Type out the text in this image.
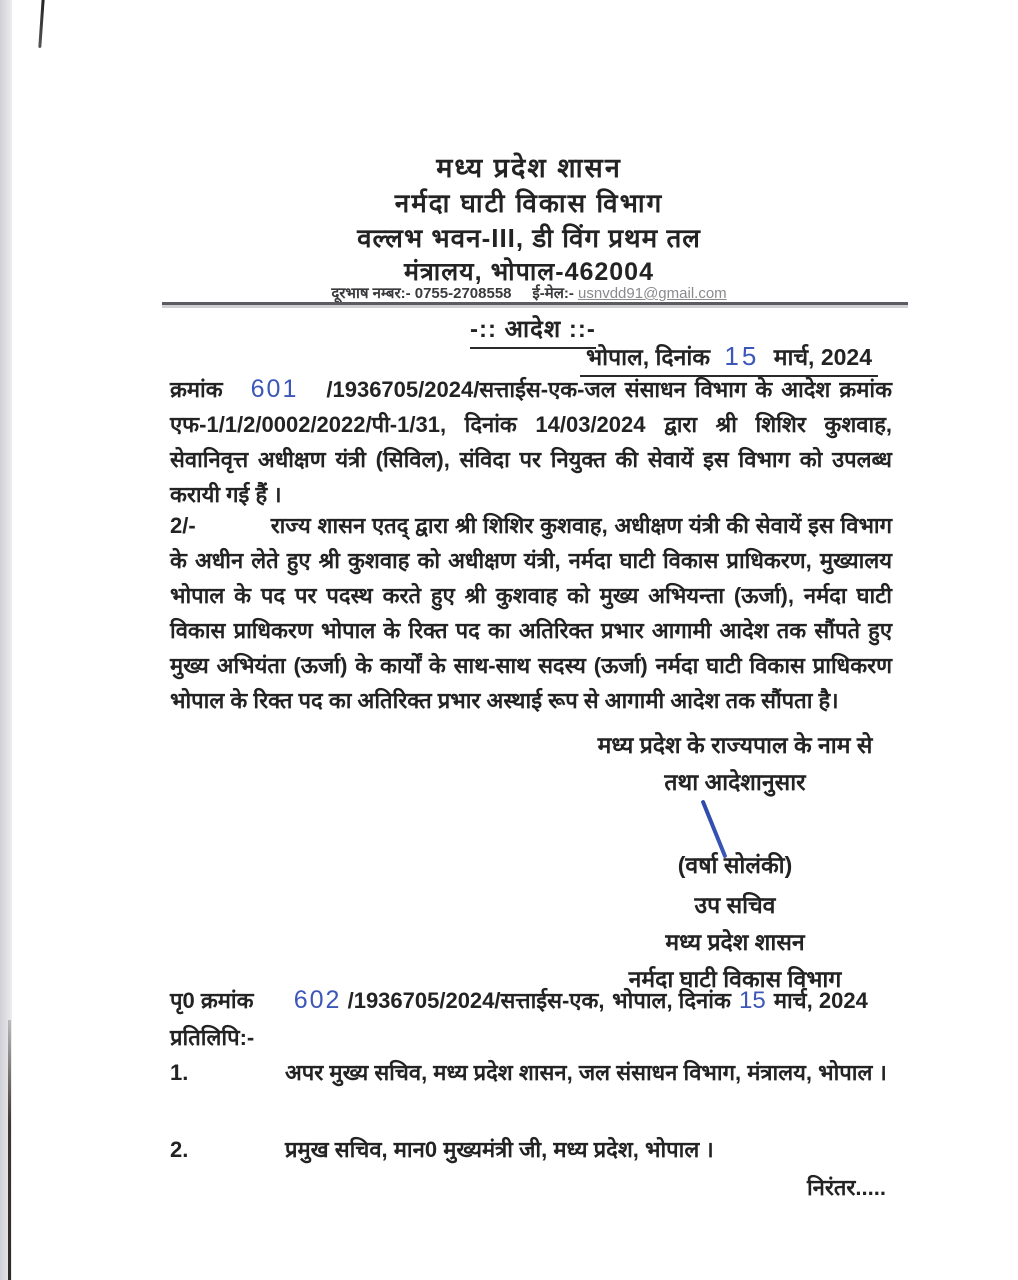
मध्य प्रदेश शासन
नर्मदा घाटी विकास विभाग
वल्लभ भवन-III, डी विंग प्रथम तल
मंत्रालय, भोपाल-462004
दूरभाष नम्बर:- 0755-2708558 ई-मेल:- usnvdd91@gmail.com
-:: आदेश ::-
भोपाल, दिनांक 15 मार्च, 2024
क्रमांक 601 /1936705/2024/सत्ताईस-एक-जल संसाधन विभाग के आदेश क्रमांक एफ-1/1/2/0002/2022/पी-1/31, दिनांक 14/03/2024 द्वारा श्री शिशिर कुशवाह, सेवानिवृत्त अधीक्षण यंत्री (सिविल), संविदा पर नियुक्त की सेवायें इस विभाग को उपलब्ध करायी गई हैं ।
2/-	राज्य शासन एतद् द्वारा श्री शिशिर कुशवाह, अधीक्षण यंत्री की सेवायें इस विभाग के अधीन लेते हुए श्री कुशवाह को अधीक्षण यंत्री, नर्मदा घाटी विकास प्राधिकरण, मुख्यालय भोपाल के पद पर पदस्थ करते हुए श्री कुशवाह को मुख्य अभियन्ता (ऊर्जा), नर्मदा घाटी विकास प्राधिकरण भोपाल के रिक्त पद का अतिरिक्त प्रभार आगामी आदेश तक सौंपते हुए मुख्य अभियंता (ऊर्जा) के कार्यों के साथ-साथ सदस्य (ऊर्जा) नर्मदा घाटी विकास प्राधिकरण भोपाल के रिक्त पद का अतिरिक्त प्रभार अस्थाई रूप से आगामी आदेश तक सौंपता है।
मध्य प्रदेश के राज्यपाल के नाम से
तथा आदेशानुसार
(वर्षा सोलंकी)
उप सचिव
मध्य प्रदेश शासन
नर्मदा घाटी विकास विभाग
भोपाल, दिनांक 15 मार्च, 2024
पृ0 क्रमांक 602 /1936705/2024/सत्ताईस-एक,
प्रतिलिपि:-
1.	अपर मुख्य सचिव, मध्य प्रदेश शासन, जल संसाधन विभाग, मंत्रालय, भोपाल ।
2.	प्रमुख सचिव, मान0 मुख्यमंत्री जी, मध्य प्रदेश, भोपाल ।
निरंतर.....
